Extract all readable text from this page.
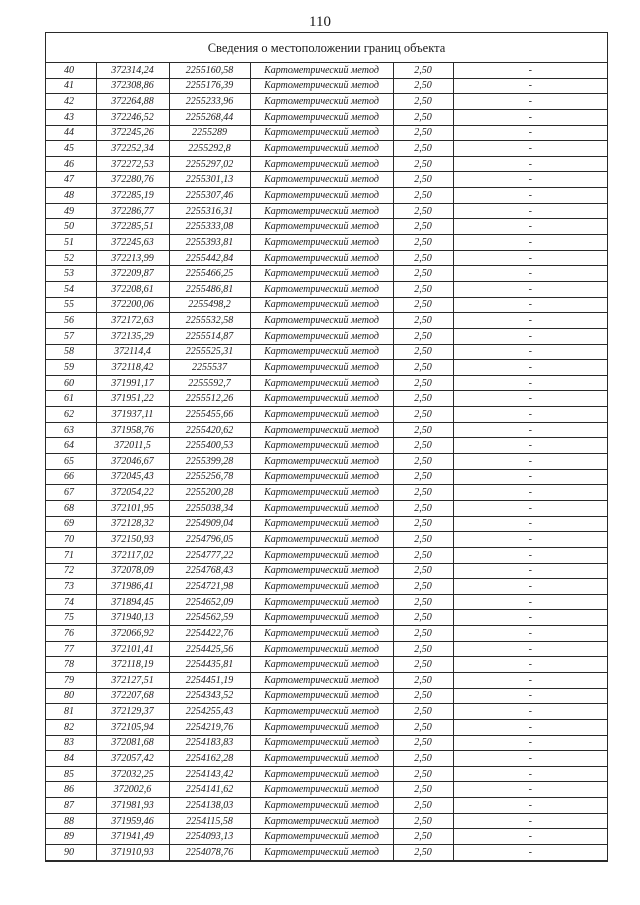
110
Сведения о местоположении границ объекта
40	372314,24	2255160,58	Картометрический метод	2,50	-
41	372308,86	2255176,39	Картометрический метод	2,50	-
42	372264,88	2255233,96	Картометрический метод	2,50	-
43	372246,52	2255268,44	Картометрический метод	2,50	-
44	372245,26	2255289	Картометрический метод	2,50	-
45	372252,34	2255292,8	Картометрический метод	2,50	-
46	372272,53	2255297,02	Картометрический метод	2,50	-
47	372280,76	2255301,13	Картометрический метод	2,50	-
48	372285,19	2255307,46	Картометрический метод	2,50	-
49	372286,77	2255316,31	Картометрический метод	2,50	-
50	372285,51	2255333,08	Картометрический метод	2,50	-
51	372245,63	2255393,81	Картометрический метод	2,50	-
52	372213,99	2255442,84	Картометрический метод	2,50	-
53	372209,87	2255466,25	Картометрический метод	2,50	-
54	372208,61	2255486,81	Картометрический метод	2,50	-
55	372200,06	2255498,2	Картометрический метод	2,50	-
56	372172,63	2255532,58	Картометрический метод	2,50	-
57	372135,29	2255514,87	Картометрический метод	2,50	-
58	372114,4	2255525,31	Картометрический метод	2,50	-
59	372118,42	2255537	Картометрический метод	2,50	-
60	371991,17	2255592,7	Картометрический метод	2,50	-
61	371951,22	2255512,26	Картометрический метод	2,50	-
62	371937,11	2255455,66	Картометрический метод	2,50	-
63	371958,76	2255420,62	Картометрический метод	2,50	-
64	372011,5	2255400,53	Картометрический метод	2,50	-
65	372046,67	2255399,28	Картометрический метод	2,50	-
66	372045,43	2255256,78	Картометрический метод	2,50	-
67	372054,22	2255200,28	Картометрический метод	2,50	-
68	372101,95	2255038,34	Картометрический метод	2,50	-
69	372128,32	2254909,04	Картометрический метод	2,50	-
70	372150,93	2254796,05	Картометрический метод	2,50	-
71	372117,02	2254777,22	Картометрический метод	2,50	-
72	372078,09	2254768,43	Картометрический метод	2,50	-
73	371986,41	2254721,98	Картометрический метод	2,50	-
74	371894,45	2254652,09	Картометрический метод	2,50	-
75	371940,13	2254562,59	Картометрический метод	2,50	-
76	372066,92	2254422,76	Картометрический метод	2,50	-
77	372101,41	2254425,56	Картометрический метод	2,50	-
78	372118,19	2254435,81	Картометрический метод	2,50	-
79	372127,51	2254451,19	Картометрический метод	2,50	-
80	372207,68	2254343,52	Картометрический метод	2,50	-
81	372129,37	2254255,43	Картометрический метод	2,50	-
82	372105,94	2254219,76	Картометрический метод	2,50	-
83	372081,68	2254183,83	Картометрический метод	2,50	-
84	372057,42	2254162,28	Картометрический метод	2,50	-
85	372032,25	2254143,42	Картометрический метод	2,50	-
86	372002,6	2254141,62	Картометрический метод	2,50	-
87	371981,93	2254138,03	Картометрический метод	2,50	-
88	371959,46	2254115,58	Картометрический метод	2,50	-
89	371941,49	2254093,13	Картометрический метод	2,50	-
90	371910,93	2254078,76	Картометрический метод	2,50	-
